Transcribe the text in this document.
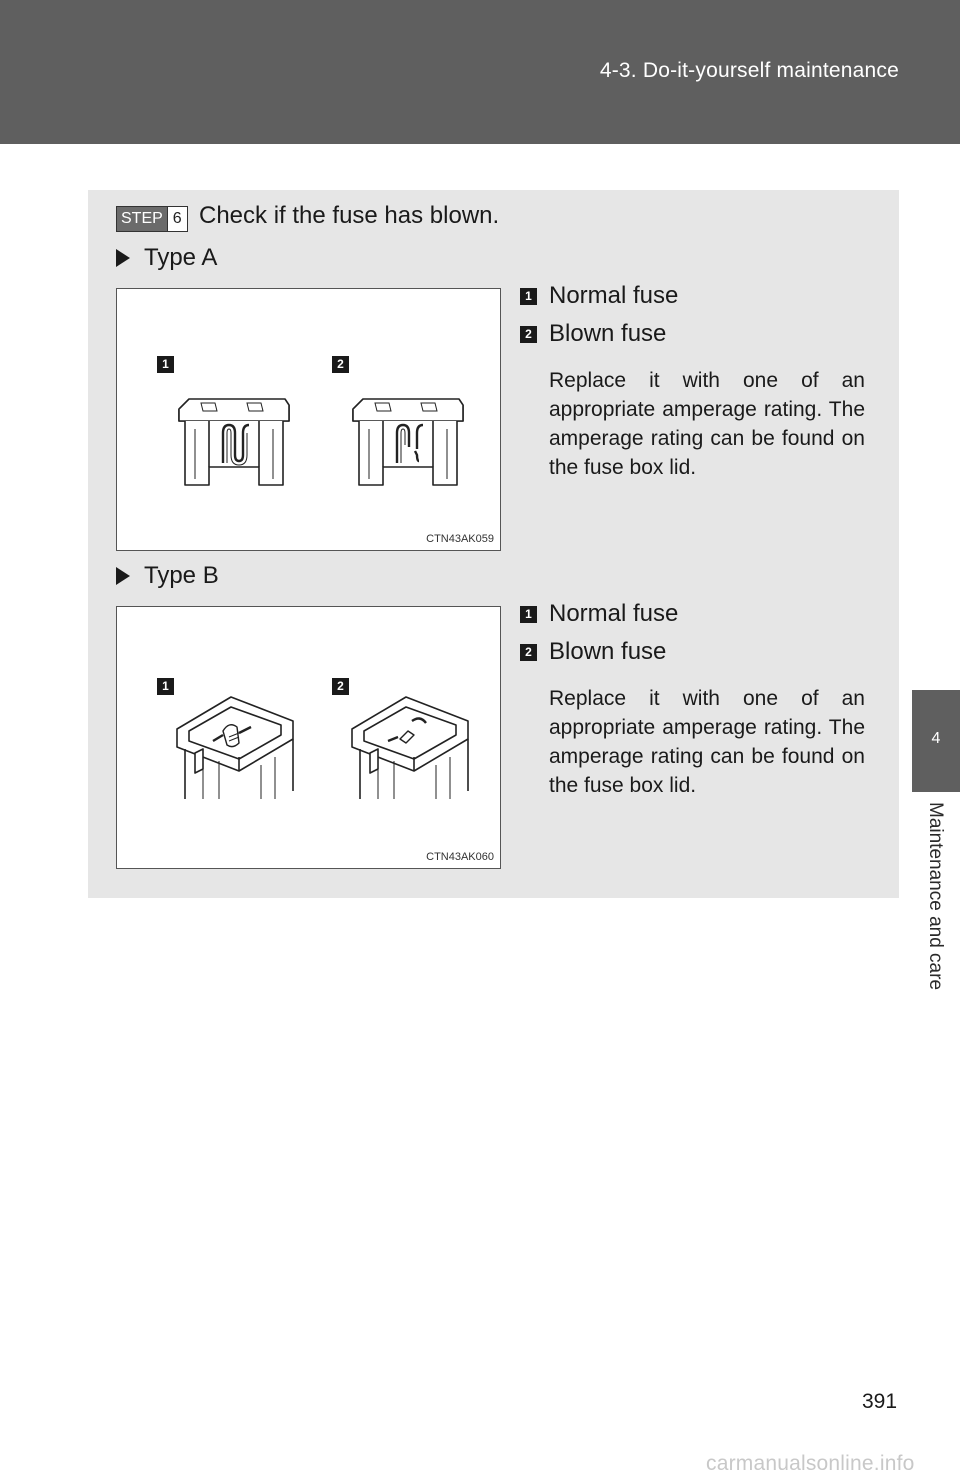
4-3. Do-it-yourself maintenance
4
Maintenance and care
STEP 6 Check if the fuse has blown.
Type A
1	2
CTN43AK059
1 Normal fuse
2 Blown fuse
Replace it with one of an appropriate amperage rating. The amperage rating can be found on the fuse box lid.
Type B
1	2
CTN43AK060
1 Normal fuse
2 Blown fuse
Replace it with one of an appropriate amperage rating. The amperage rating can be found on the fuse box lid.
391
carmanualsonline.info
